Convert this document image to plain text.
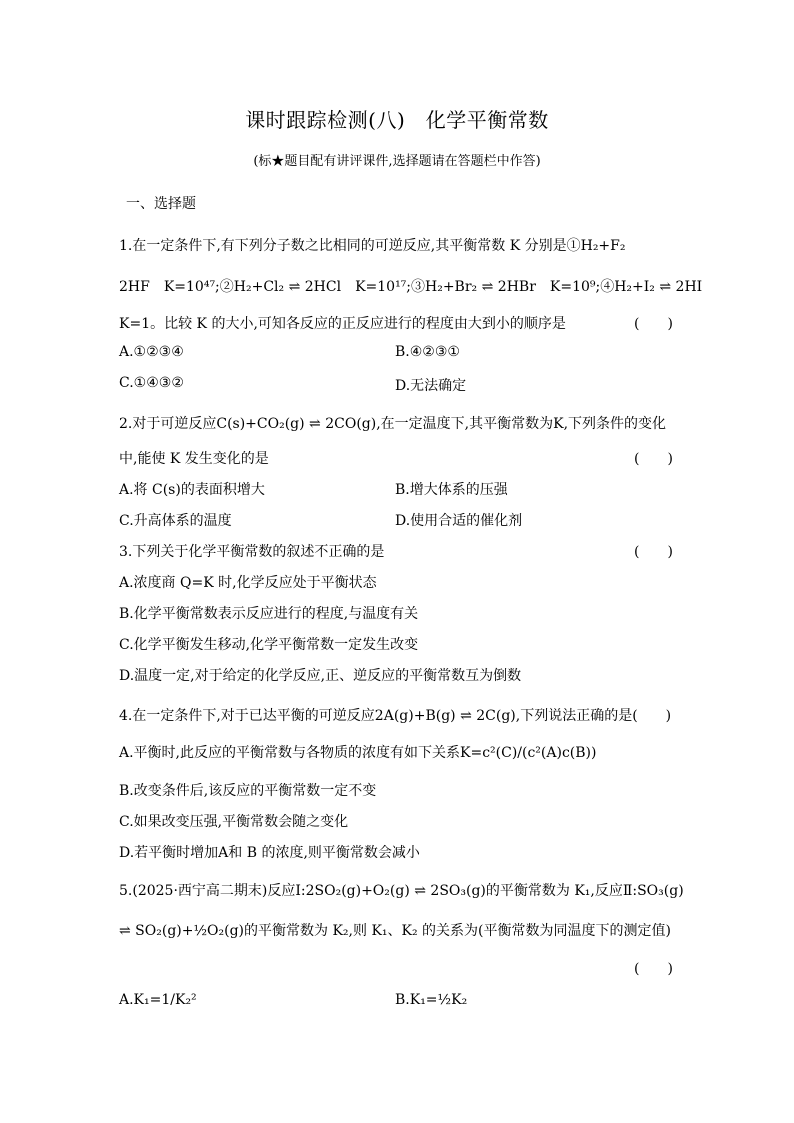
课时跟踪检测(八)　化学平衡常数
(标★题目配有讲评课件,选择题请在答题栏中作答)
一、选择题
1.在一定条件下,有下列分子数之比相同的可逆反应,其平衡常数 K 分别是①H₂+F₂
2HF　K=10⁴⁷;②H₂+Cl₂ ⇌ 2HCl　K=10¹⁷;③H₂+Br₂ ⇌ 2HBr　K=10⁹;④H₂+I₂ ⇌ 2HI
K=1。比较 K 的大小,可知各反应的正反应进行的程度由大到小的顺序是	(　　)
A.①②③④	B.④②③①
C.①④③②	D.无法确定
2.对于可逆反应C(s)+CO₂(g) ⇌ 2CO(g),在一定温度下,其平衡常数为K,下列条件的变化
中,能使 K 发生变化的是	(　　)
A.将 C(s)的表面积增大	B.增大体系的压强
C.升高体系的温度	D.使用合适的催化剂
3.下列关于化学平衡常数的叙述不正确的是	(　　)
A.浓度商 Q=K 时,化学反应处于平衡状态
B.化学平衡常数表示反应进行的程度,与温度有关
C.化学平衡发生移动,化学平衡常数一定发生改变
D.温度一定,对于给定的化学反应,正、逆反应的平衡常数互为倒数
4.在一定条件下,对于已达平衡的可逆反应2A(g)+B(g) ⇌ 2C(g),下列说法正确的是(　　)
A.平衡时,此反应的平衡常数与各物质的浓度有如下关系K=c²(C)/(c²(A)c(B))
B.改变条件后,该反应的平衡常数一定不变
C.如果改变压强,平衡常数会随之变化
D.若平衡时增加A和 B 的浓度,则平衡常数会减小
5.(2025·西宁高二期末)反应Ⅰ:2SO₂(g)+O₂(g) ⇌ 2SO₃(g)的平衡常数为 K₁,反应Ⅱ:SO₃(g)
⇌ SO₂(g)+½O₂(g)的平衡常数为 K₂,则 K₁、K₂ 的关系为(平衡常数为同温度下的测定值)
(　　)
A.K₁=1/K₂²	B.K₁=½K₂
